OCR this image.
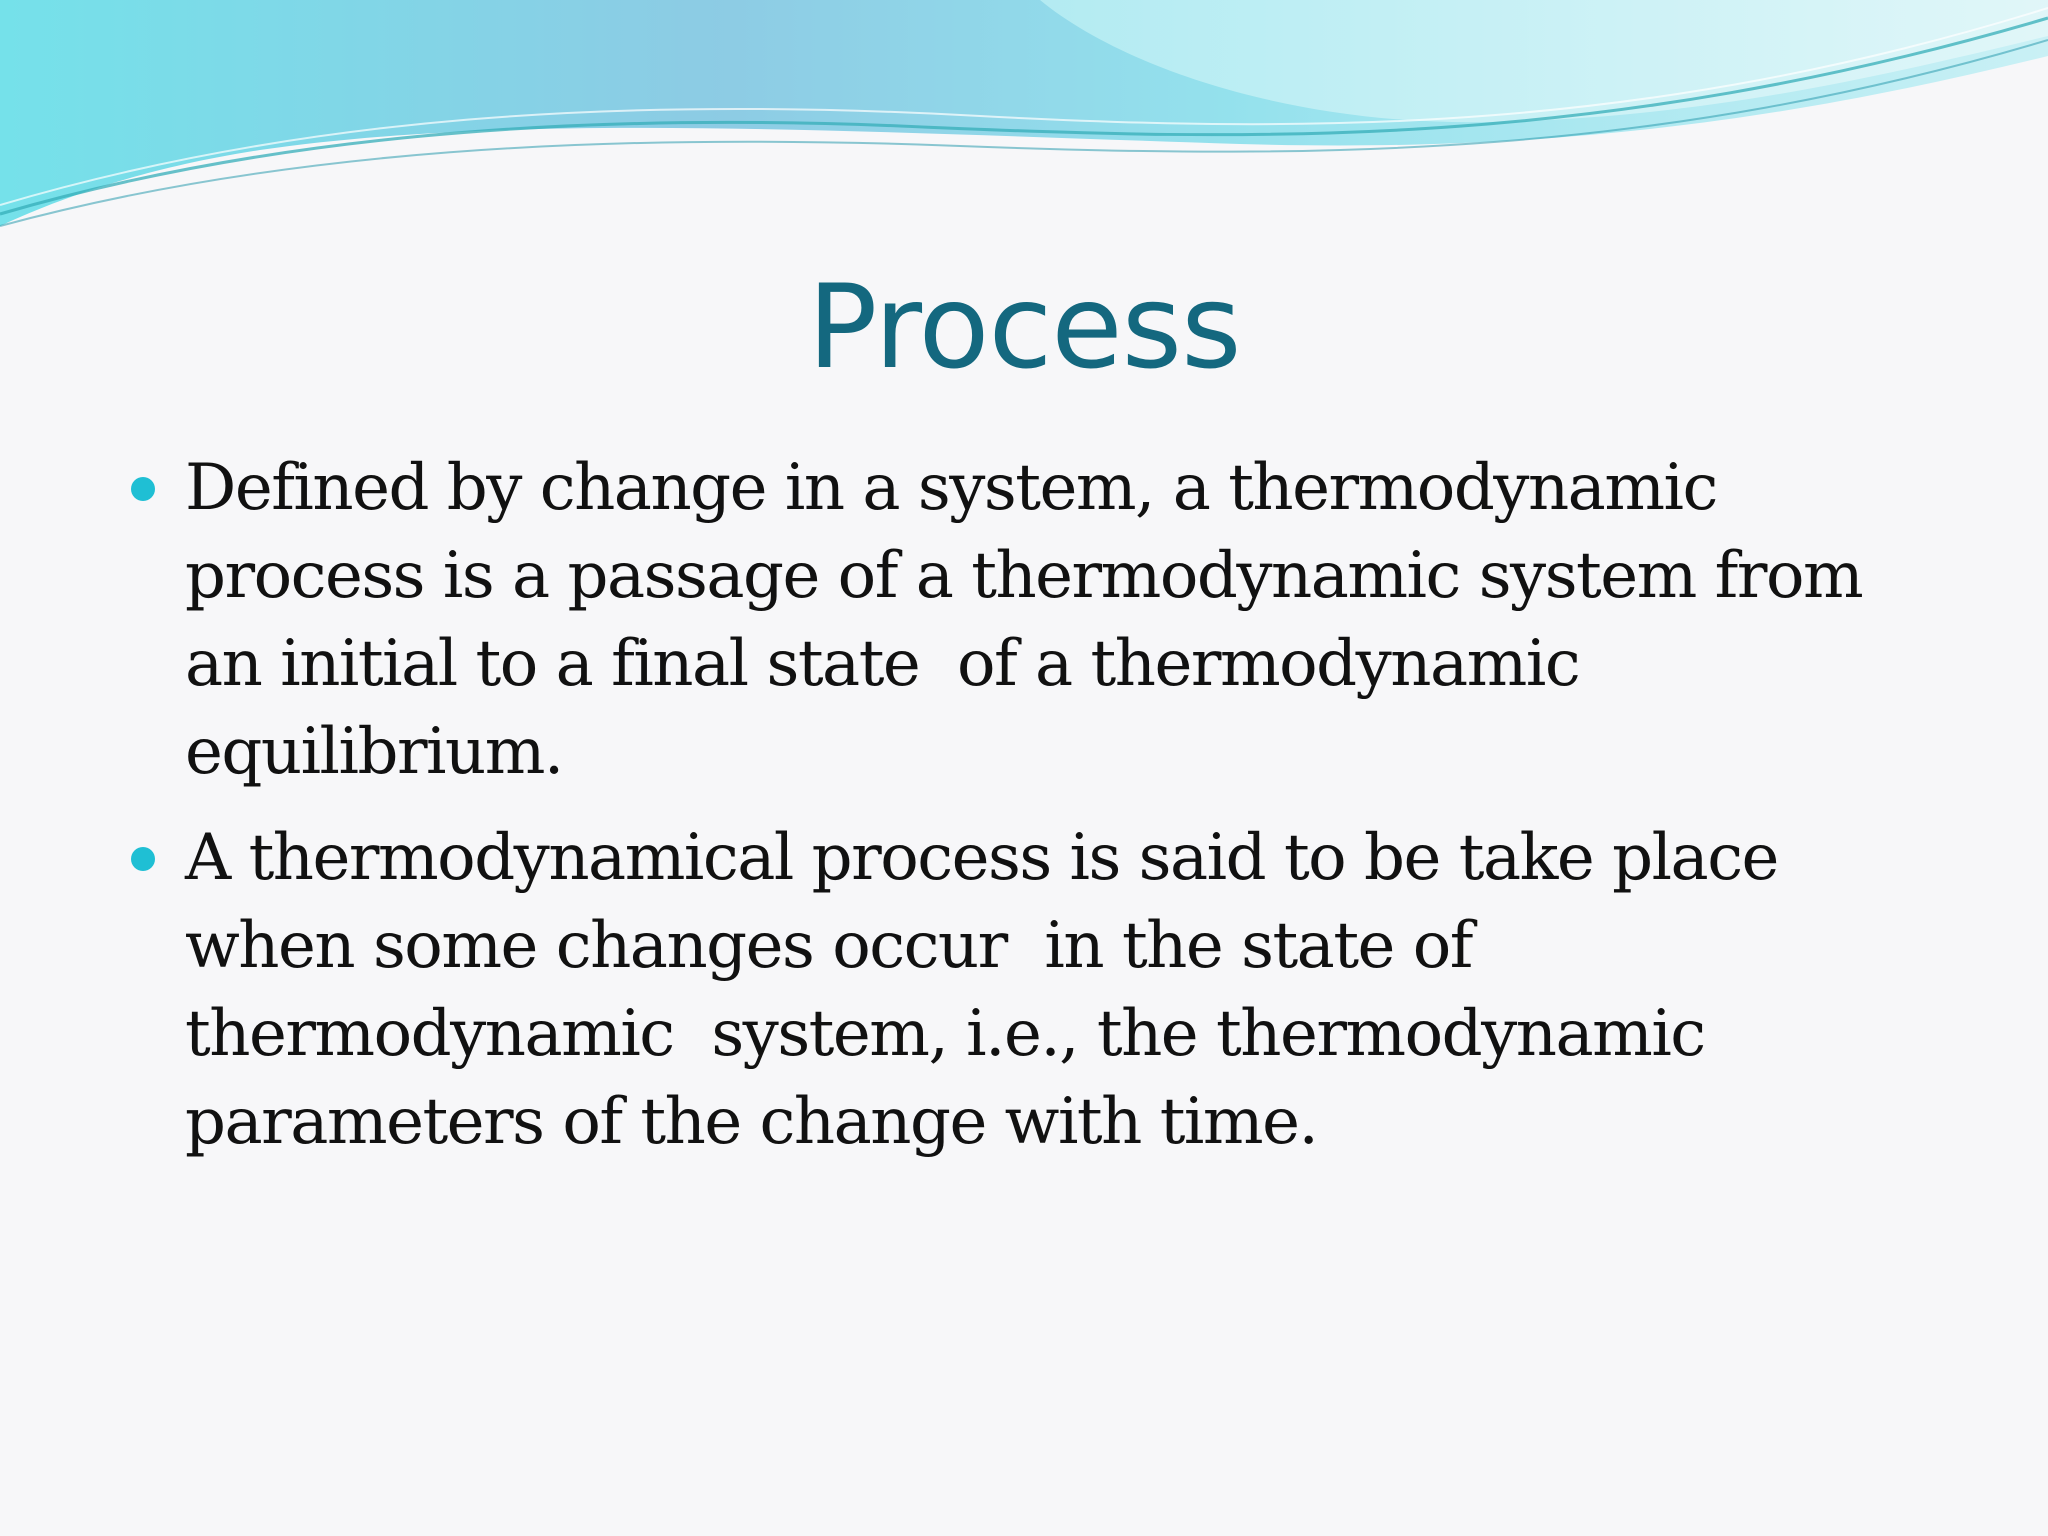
Process
Defined by change in a system, a thermodynamic process is a passage of a thermodynamic system from an initial to a final state  of a thermodynamic equilibrium.
A thermodynamical process is said to be take place when some changes occur  in the state of thermodynamic  system, i.e., the thermodynamic parameters of the change with time.
